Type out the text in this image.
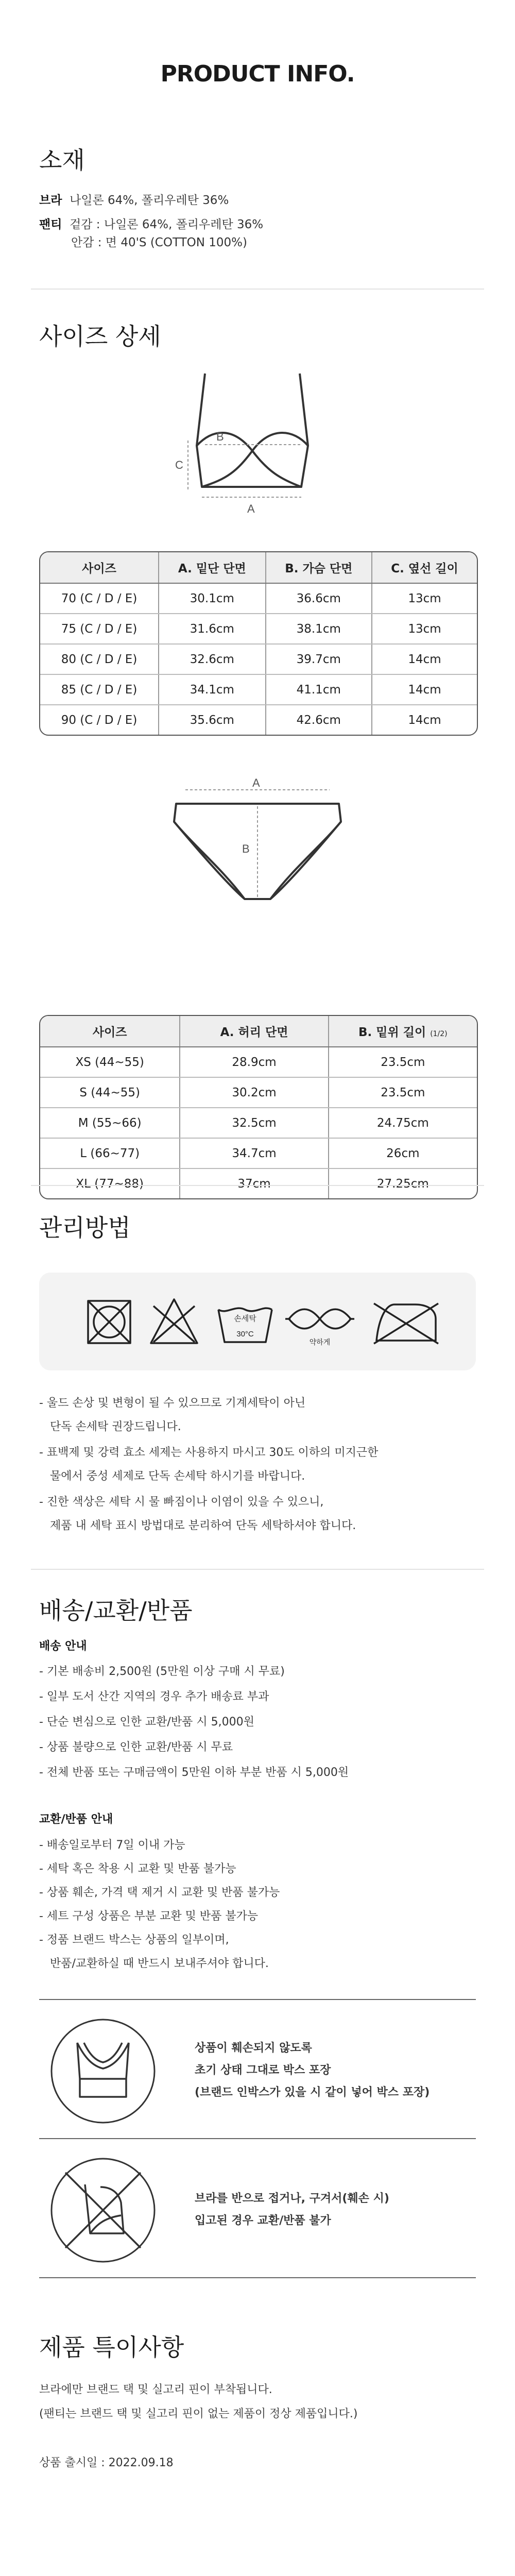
PRODUCT INFO.
소재
브라 나일론 64%, 폴리우레탄 36%
팬티 겉감 : 나일론 64%, 폴리우레탄 36%
안감 : 면 40'S (COTTON 100%)
사이즈 상세
C
B
A
사이즈	A. 밑단 단면	B. 가슴 단면	C. 옆선 길이
70 (C / D / E)	30.1cm	36.6cm	13cm
75 (C / D / E)	31.6cm	38.1cm	13cm
80 (C / D / E)	32.6cm	39.7cm	14cm
85 (C / D / E)	34.1cm	41.1cm	14cm
90 (C / D / E)	35.6cm	42.6cm	14cm
A
B
사이즈	A. 허리 단면	B. 밑위 길이 (1/2)
XS (44~55)	28.9cm	23.5cm
S (44~55)	30.2cm	23.5cm
M (55~66)	32.5cm	24.75cm
L (66~77)	34.7cm	26cm
XL (77~88)	37cm	27.25cm
관리방법
손세탁
30°C
약하게
- 울드 손상 및 변형이 될 수 있으므로 기계세탁이 아닌
단독 손세탁 권장드립니다.
- 표백제 및 강력 효소 세제는 사용하지 마시고 30도 이하의 미지근한
물에서 중성 세제로 단독 손세탁 하시기를 바랍니다.
- 진한 색상은 세탁 시 물 빠짐이나 이염이 있을 수 있으니,
제품 내 세탁 표시 방법대로 분리하여 단독 세탁하셔야 합니다.
배송/교환/반품
배송 안내
- 기본 배송비 2,500원 (5만원 이상 구매 시 무료)
- 일부 도서 산간 지역의 경우 추가 배송료 부과
- 단순 변심으로 인한 교환/반품 시 5,000원
- 상품 불량으로 인한 교환/반품 시 무료
- 전체 반품 또는 구매금액이 5만원 이하 부분 반품 시 5,000원
교환/반품 안내
- 배송일로부터 7일 이내 가능
- 세탁 혹은 착용 시 교환 및 반품 불가능
- 상품 훼손, 가격 택 제거 시 교환 및 반품 불가능
- 세트 구성 상품은 부분 교환 및 반품 불가능
- 정품 브랜드 박스는 상품의 일부이며,
반품/교환하실 때 반드시 보내주셔야 합니다.
상품이 훼손되지 않도록
초기 상태 그대로 박스 포장
(브랜드 인박스가 있을 시 같이 넣어 박스 포장)
브라를 반으로 접거나, 구겨서(훼손 시)
입고된 경우 교환/반품 불가
제품 특이사항
브라에만 브랜드 택 및 실고리 핀이 부착됩니다.
(팬티는 브랜드 택 및 실고리 핀이 없는 제품이 정상 제품입니다.)
상품 출시일 : 2022.09.18
